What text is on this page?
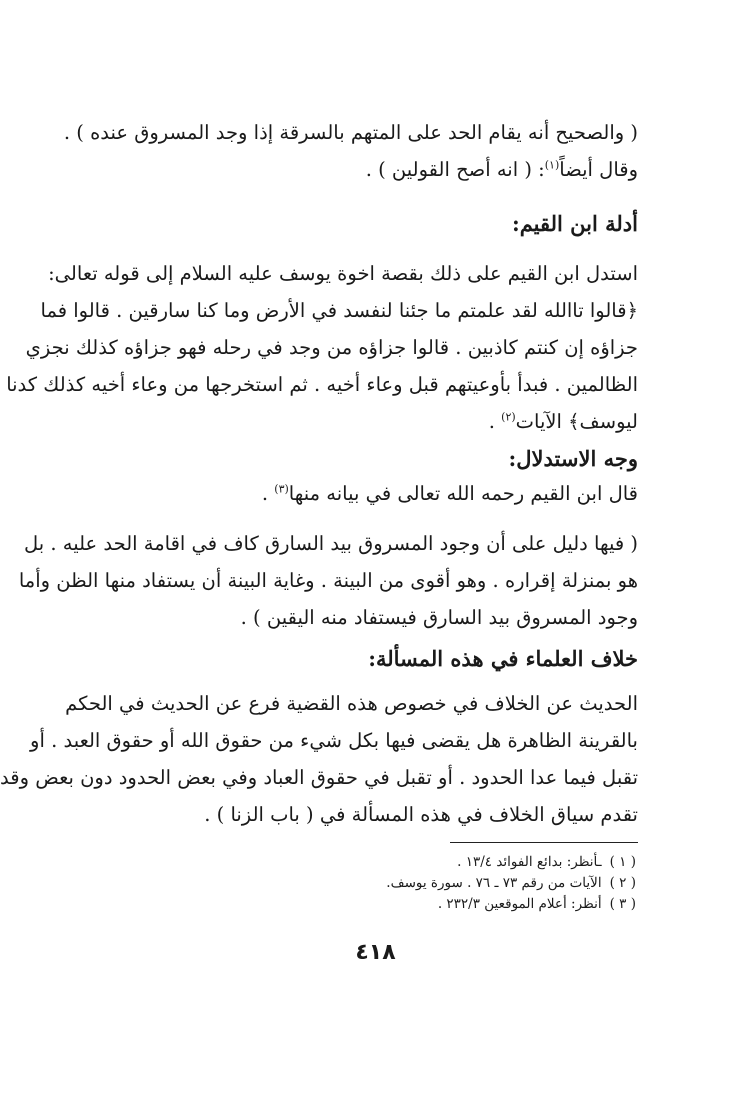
( والصحيح أنه يقام الحد على المتهم بالسرقة إذا وجد المسروق عنده ) .
وقال أيضاً$^{(١)}$: ( انه أصح القولين ) .
أدلة ابن القيم:
استدل ابن القيم على ذلك بقصة اخوة يوسف عليه السلام إلى قوله تعالى:
﴿قالوا تاالله لقد علمتم ما جئنا لنفسد في الأرض وما كنا سارقين . قالوا فما
جزاؤه إن كنتم كاذبين . قالوا جزاؤه من وجد في رحله فهو جزاؤه كذلك نجزي
الظالمين . فبدأ بأوعيتهم قبل وعاء أخيه . ثم استخرجها من وعاء أخيه كذلك كدنا
ليوسف﴾ الآيات$^{(٢)}$ .
وجه الاستدلال:
قال ابن القيم رحمه الله تعالى في بيانه منها$^{(٣)}$ .
( فيها دليل على أن وجود المسروق بيد السارق كاف في اقامة الحد عليه . بل
هو بمنزلة إقراره . وهو أقوى من البينة . وغاية البينة أن يستفاد منها الظن وأما
وجود المسروق بيد السارق فيستفاد منه اليقين ) .
خلاف العلماء في هذه المسألة:
الحديث عن الخلاف في خصوص هذه القضية فرع عن الحديث في الحكم
بالقرينة الظاهرة هل يقضى فيها بكل شيء من حقوق الله أو حقوق العبد . أو
تقبل فيما عدا الحدود . أو تقبل في حقوق العباد وفي بعض الحدود دون بعض وقد
تقدم سياق الخلاف في هذه المسألة في ( باب الزنا ) .
( ١ )ـأنظر: بدائع الفوائد ١٣/٤ .
( ٢ )الآيات من رقم ٧٣ ـ ٧٦ . سورة يوسف.
( ٣ )أنظر: أعلام الموقعين ٢٣٢/٣ .
٤١٨
